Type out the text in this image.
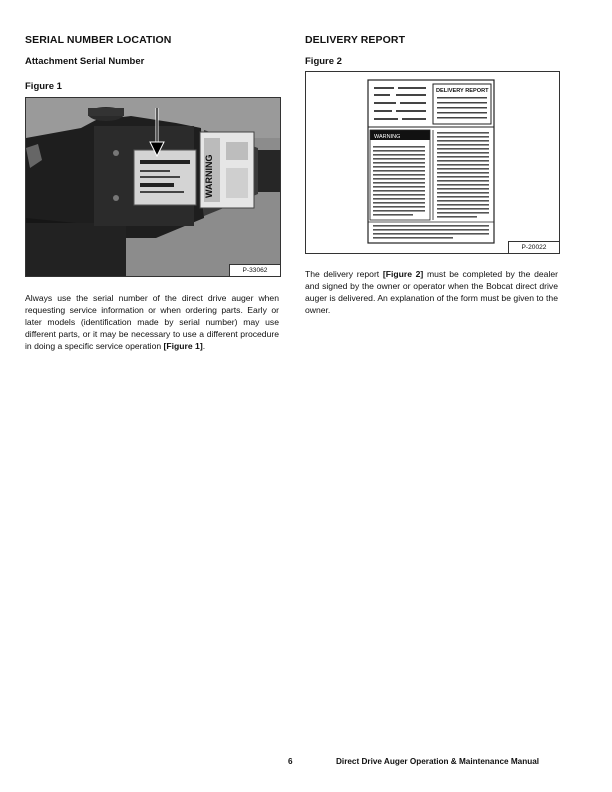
SERIAL NUMBER LOCATION
Attachment Serial Number
Figure 1
WARNING
P-33062
Always use the serial number of the direct drive auger when requesting service information or when ordering parts. Early or later models (identification made by serial number) may use different parts, or it may be necessary to use a different procedure in doing a specific service operation [Figure 1].
DELIVERY REPORT
Figure 2
DELIVERY REPORT
WARNING
P-20022
The delivery report [Figure 2] must be completed by the dealer and signed by the owner or operator when the Bobcat direct drive auger is delivered. An explanation of the form must be given to the owner.
6	Direct Drive Auger Operation & Maintenance Manual
